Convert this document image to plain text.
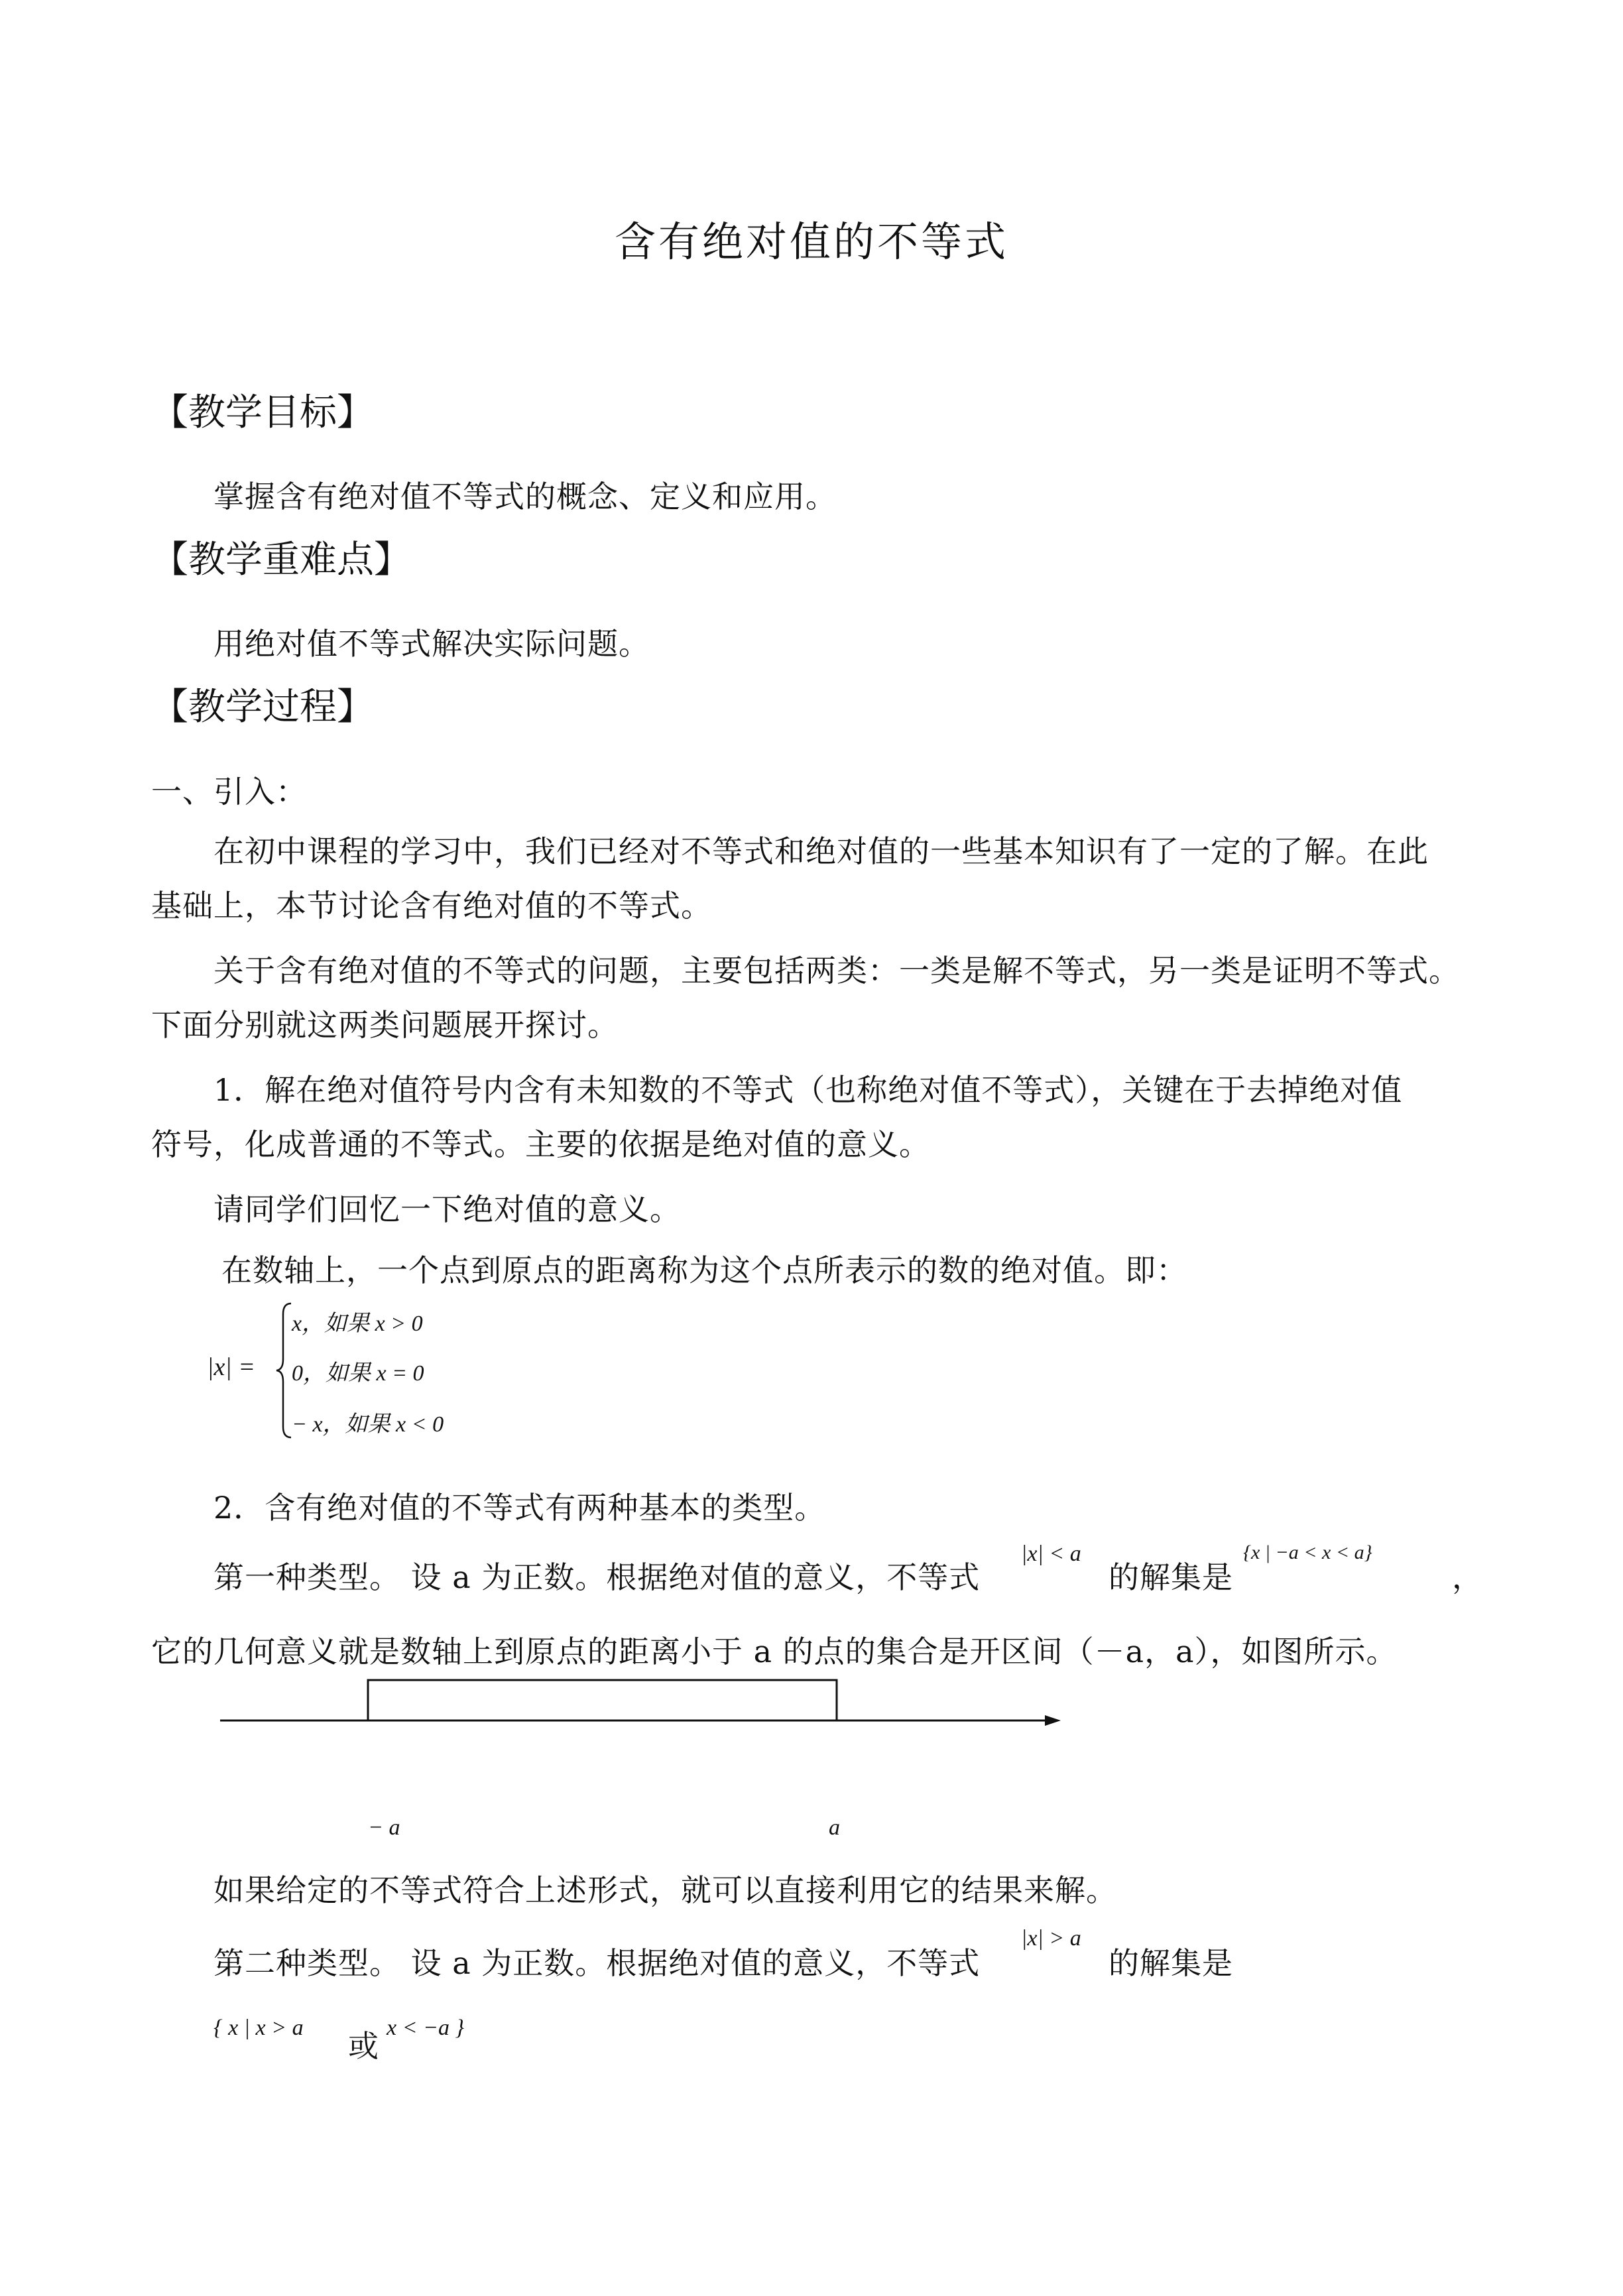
含有绝对值的不等式
【教学目标】
掌握含有绝对值不等式的概念、定义和应用。
【教学重难点】
用绝对值不等式解决实际问题。
【教学过程】
一、引入：
在初中课程的学习中，我们已经对不等式和绝对值的一些基本知识有了一定的了解。在此
基础上，本节讨论含有绝对值的不等式。
关于含有绝对值的不等式的问题，主要包括两类：一类是解不等式，另一类是证明不等式。
下面分别就这两类问题展开探讨。
1．解在绝对值符号内含有未知数的不等式（也称绝对值不等式），关键在于去掉绝对值
符号，化成普通的不等式。主要的依据是绝对值的意义。
请同学们回忆一下绝对值的意义。
在数轴上，一个点到原点的距离称为这个点所表示的数的绝对值。即：
|x| =
x，如果 x > 0
0，如果 x = 0
− x，如果 x < 0
2．含有绝对值的不等式有两种基本的类型。
第一种类型。 设 a 为正数。根据绝对值的意义，不等式
|x| < a
的解集是
{x | −a < x < a}
，
它的几何意义就是数轴上到原点的距离小于 a 的点的集合是开区间（－a，a），如图所示。
− a	a
如果给定的不等式符合上述形式，就可以直接利用它的结果来解。
第二种类型。 设 a 为正数。根据绝对值的意义，不等式
|x| > a
的解集是
{ x | x > a
或
x < −a }
